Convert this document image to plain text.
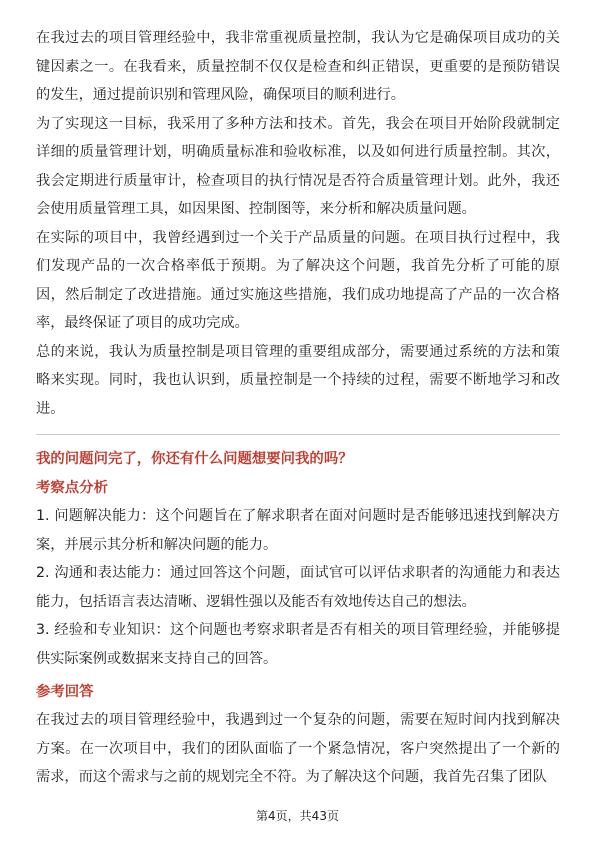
在我过去的项目管理经验中，我非常重视质量控制，我认为它是确保项目成功的关键因素之一。在我看来，质量控制不仅仅是检查和纠正错误，更重要的是预防错误的发生，通过提前识别和管理风险，确保项目的顺利进行。

为了实现这一目标，我采用了多种方法和技术。首先，我会在项目开始阶段就制定详细的质量管理计划，明确质量标准和验收标准，以及如何进行质量控制。其次，我会定期进行质量审计，检查项目的执行情况是否符合质量管理计划。此外，我还会使用质量管理工具，如因果图、控制图等，来分析和解决质量问题。

在实际的项目中，我曾经遇到过一个关于产品质量的问题。在项目执行过程中，我们发现产品的一次合格率低于预期。为了解决这个问题，我首先分析了可能的原因，然后制定了改进措施。通过实施这些措施，我们成功地提高了产品的一次合格率，最终保证了项目的成功完成。

总的来说，我认为质量控制是项目管理的重要组成部分，需要通过系统的方法和策略来实现。同时，我也认识到，质量控制是一个持续的过程，需要不断地学习和改进。

我的问题问完了，你还有什么问题想要问我的吗？

考察点分析

1. 问题解决能力：这个问题旨在了解求职者在面对问题时是否能够迅速找到解决方案，并展示其分析和解决问题的能力。

2. 沟通和表达能力：通过回答这个问题，面试官可以评估求职者的沟通能力和表达能力，包括语言表达清晰、逻辑性强以及能否有效地传达自己的想法。

3. 经验和专业知识：这个问题也考察求职者是否有相关的项目管理经验，并能够提供实际案例或数据来支持自己的回答。

参考回答

在我过去的项目管理经验中，我遇到过一个复杂的问题，需要在短时间内找到解决方案。在一次项目中，我们的团队面临了一个紧急情况，客户突然提出了一个新的需求，而这个需求与之前的规划完全不符。为了解决这个问题，我首先召集了团队

第4页，共43页
